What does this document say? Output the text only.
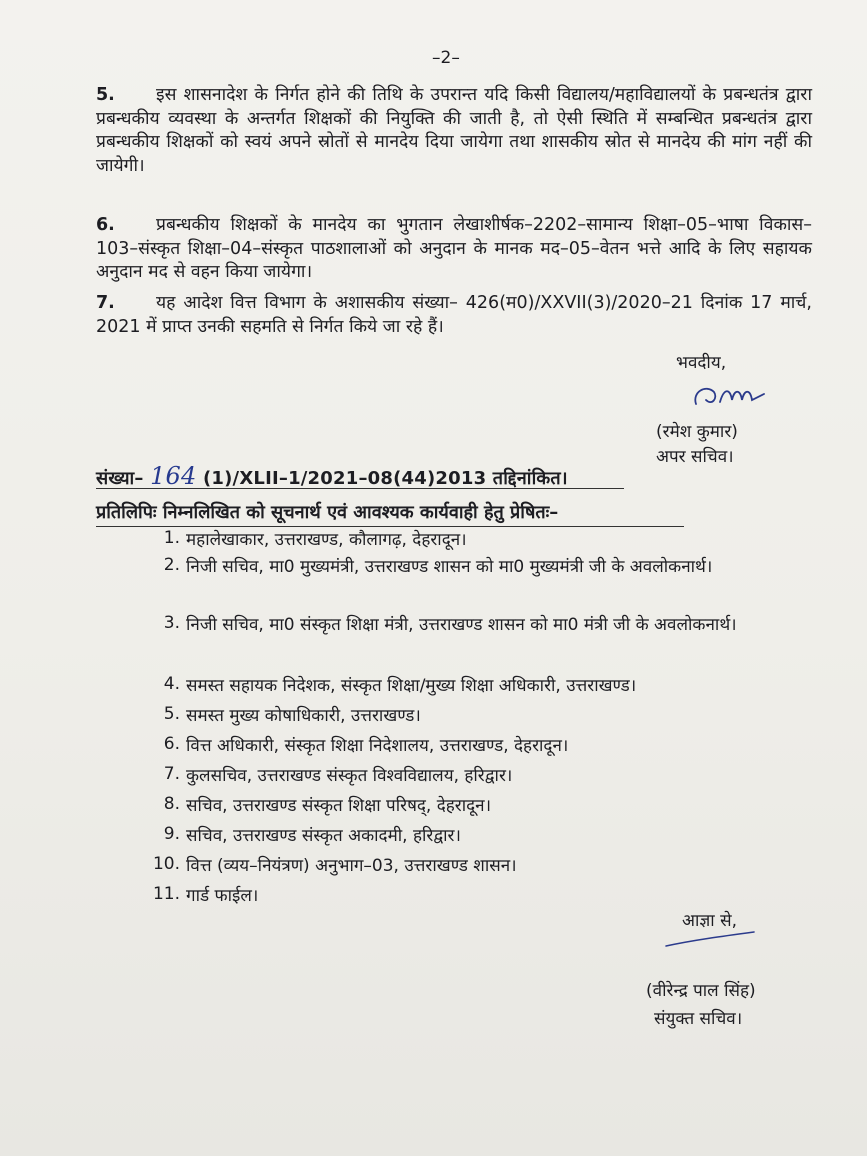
–2–

5. इस शासनादेश के निर्गत होने की तिथि के उपरान्त यदि किसी विद्यालय/महाविद्यालयों के प्रबन्धतंत्र द्वारा प्रबन्धकीय व्यवस्था के अन्तर्गत शिक्षकों की नियुक्ति की जाती है, तो ऐसी स्थिति में सम्बन्धित प्रबन्धतंत्र द्वारा प्रबन्धकीय शिक्षकों को स्वयं अपने स्रोतों से मानदेय दिया जायेगा तथा शासकीय स्रोत से मानदेय की मांग नहीं की जायेगी।

6. प्रबन्धकीय शिक्षकों के मानदेय का भुगतान लेखाशीर्षक–2202–सामान्य शिक्षा–05–भाषा विकास–103–संस्कृत शिक्षा–04–संस्कृत पाठशालाओं को अनुदान के मानक मद–05–वेतन भत्ते आदि के लिए सहायक अनुदान मद से वहन किया जायेगा।

7. यह आदेश वित्त विभाग के अशासकीय संख्या– 426(म0)/XXVII(3)/2020–21 दिनांक 17 मार्च, 2021 में प्राप्त उनकी सहमति से निर्गत किये जा रहे हैं।

भवदीय,
(रमेश कुमार)
अपर सचिव।
संख्या– 164 (1)/XLII–1/2021–08(44)2013 तद्दिनांकित।
प्रतिलिपिः निम्नलिखित को सूचनार्थ एवं आवश्यक कार्यवाही हेतु प्रेषितः–
1. महालेखाकार, उत्तराखण्ड, कौलागढ़, देहरादून।
2. निजी सचिव, मा0 मुख्यमंत्री, उत्तराखण्ड शासन को मा0 मुख्यमंत्री जी के अवलोकनार्थ।
3. निजी सचिव, मा0 संस्कृत शिक्षा मंत्री, उत्तराखण्ड शासन को मा0 मंत्री जी के अवलोकनार्थ।
4. समस्त सहायक निदेशक, संस्कृत शिक्षा/मुख्य शिक्षा अधिकारी, उत्तराखण्ड।
5. समस्त मुख्य कोषाधिकारी, उत्तराखण्ड।
6. वित्त अधिकारी, संस्कृत शिक्षा निदेशालय, उत्तराखण्ड, देहरादून।
7. कुलसचिव, उत्तराखण्ड संस्कृत विश्वविद्यालय, हरिद्वार।
8. सचिव, उत्तराखण्ड संस्कृत शिक्षा परिषद्, देहरादून।
9. सचिव, उत्तराखण्ड संस्कृत अकादमी, हरिद्वार।
10. वित्त (व्यय–नियंत्रण) अनुभाग–03, उत्तराखण्ड शासन।
11. गार्ड फाईल।
आज्ञा से,
(वीरेन्द्र पाल सिंह)
संयुक्त सचिव।
